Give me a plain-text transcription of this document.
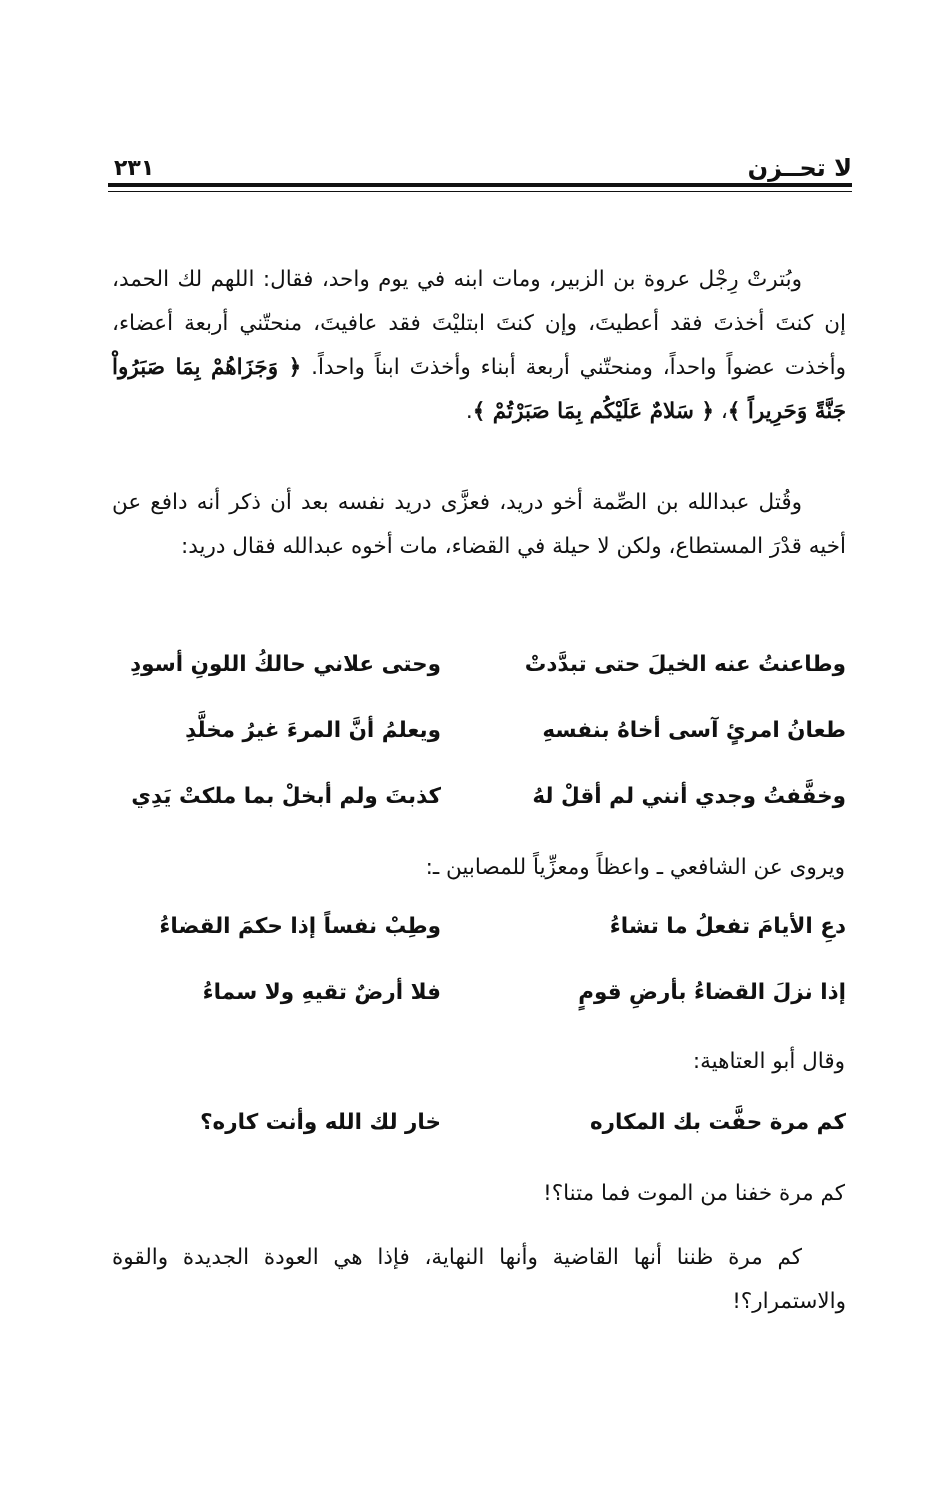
لا تحــزن
٢٣١

وبُترتْ رِجْل عروة بن الزبير، ومات ابنه في يوم واحد، فقال: اللهم لك الحمد، إن كنتَ أخذتَ فقد أعطيتَ، وإن كنتَ ابتليْتَ فقد عافيتَ، منحتّني أربعة أعضاء، وأخذت عضواً واحداً، ومنحتّني أربعة أبناء وأخذتَ ابناً واحداً. ﴿ وَجَزَاهُمْ بِمَا صَبَرُواْ جَنَّةً وَحَرِيراً ﴾، ﴿ سَلامٌ عَلَيْكُم بِمَا صَبَرْتُمْ ﴾.

وقُتل عبدالله بن الصِّمة أخو دريد، فعزَّى دريد نفسه بعد أن ذكر أنه دافع عن أخيه قدْرَ المستطاع، ولكن لا حيلة في القضاء، مات أخوه عبدالله فقال دريد:

وطاعنتُ عنه الخيلَ حتى تبدَّدتْ
وحتى علاني حالكُ اللونِ أسودِ
طعانُ امرئٍ آسى أخاهُ بنفسهِ
ويعلمُ أنَّ المرءَ غيرُ مخلَّدِ
وخفَّفتُ وجدي أنني لم أقلْ لهُ
كذبتَ ولم أبخلْ بما ملكتْ يَدِي

ويروى عن الشافعي ـ واعظاً ومعزِّياً للمصابين ـ:

دعِ الأيامَ تفعلُ ما تشاءُ
وطِبْ نفساً إذا حكمَ القضاءُ
إذا نزلَ القضاءُ بأرضِ قومٍ
فلا أرضٌ تقيهِ ولا سماءُ

وقال أبو العتاهية:

كم مرة حفَّت بك المكاره
خار لك الله وأنت كاره؟

كم مرة خفنا من الموت فما متنا؟!

كم مرة ظننا أنها القاضية وأنها النهاية، فإذا هي العودة الجديدة والقوة والاستمرار؟!
